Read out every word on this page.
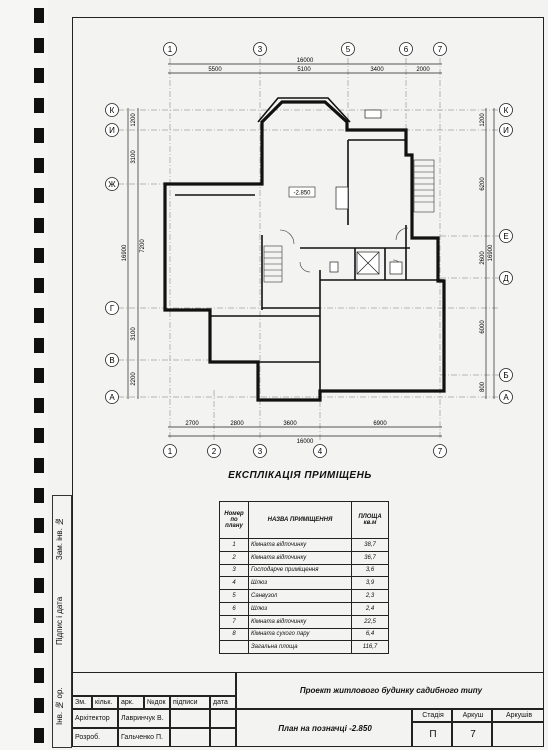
Інв. № ор.
Підпис і дата
Зам. інв. №
1	3	5	6	7
1	2	3	4	7
К
И
Ж
Г
В
А
К
И
Е
Д
Б
А
16000
5500	5100	3400	2000
2700	2800	3600	6900
16000
1200
3100
7200
16900
3100
2200
1200
6200
16900
2600
6000
800
-2.850
ЕКСПЛІКАЦІЯ ПРИМІЩЕНЬ
Номер по плану	НАЗВА ПРИМІЩЕННЯ	ПЛОЩА кв.м
1	Кімната відпочинку	38,7
2	Кімната відпочинку	36,7
3	Господарче приміщення	3,6
4	Шлюз	3,9
5	Санвузол	2,3
6	Шлюз	2,4
7	Кімната відпочинку	22,5
8	Кімната сухого пару	6,4
	Загальна площа	116,7
Зм.	кільк.	арк.	№док	підписи	дата
Архітектор	Лавринчук В.
Розроб.	Гальченко П.
Проект житлового будинку садибного типу
План на позначці -2.850
Стадія	Аркуш	Аркушів
П	7
